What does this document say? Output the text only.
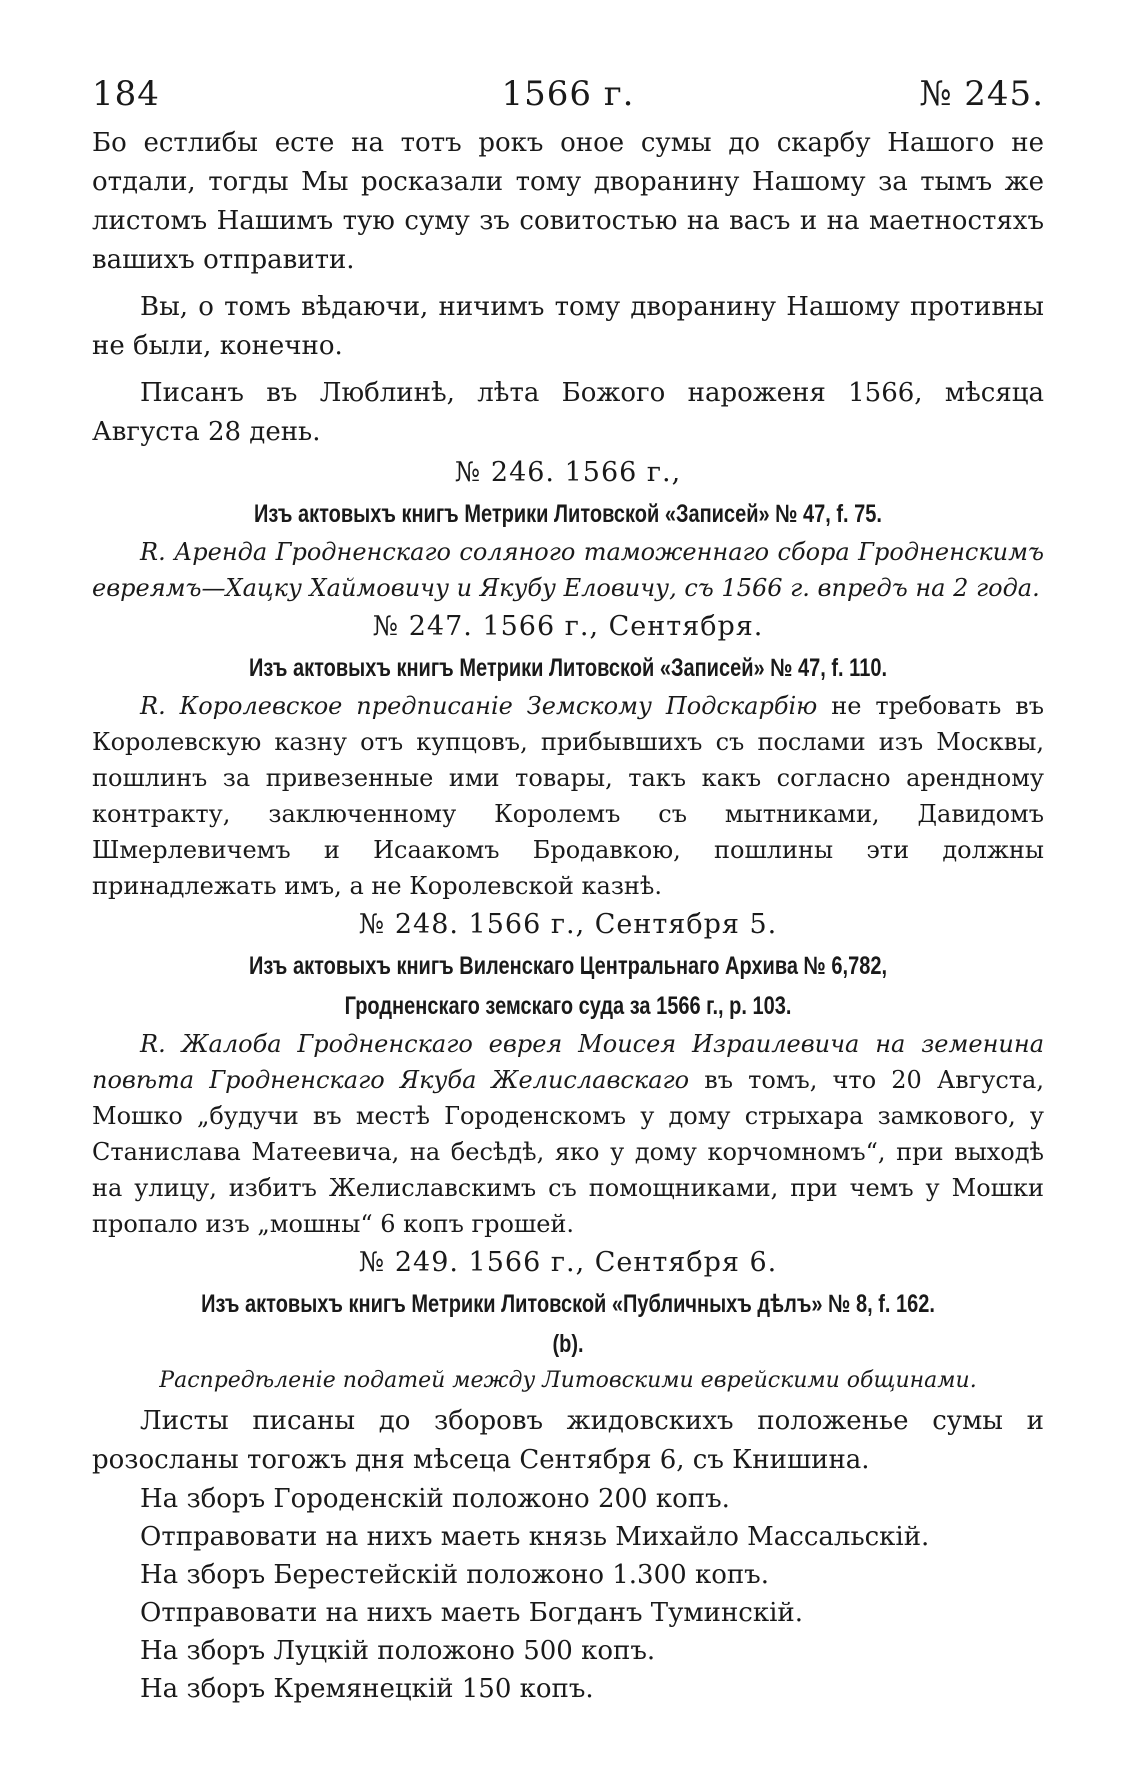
184	1566 г.	№ 245.

Бо естлибы есте на тотъ рокъ оное сумы до скарбу Нашого не отдали, тогды Мы росказали тому дворанину Нашому за тымъ же листомъ Нашимъ тую суму зъ совитостью на васъ и на маетностяхъ вашихъ отправити.

Вы, о томъ вѣдаючи, ничимъ тому дворанину Нашому противны не были, конечно.

Писанъ въ Люблинѣ, лѣта Божого нароженя 1566, мѣсяца Августа 28 день.

№ 246. 1566 г.,

Изъ актовыхъ книгъ Метрики Литовской «Записей» № 47, f. 75.

R. Аренда Гродненскаго соляного таможеннаго сбора Гродненскимъ евреямъ—Хацку Хаймовичу и Якубу Еловичу, съ 1566 г. впредъ на 2 года.

№ 247. 1566 г., Сентября.

Изъ актовыхъ книгъ Метрики Литовской «Записей» № 47, f. 110.

R. Королевское предписаніе Земскому Подскарбію не требовать въ Королевскую казну отъ купцовъ, прибывшихъ съ послами изъ Москвы, пошлинъ за привезенные ими товары, такъ какъ согласно арендному контракту, заключенному Королемъ съ мытниками, Давидомъ Шмерлевичемъ и Исаакомъ Бродавкою, пошлины эти должны принадлежать имъ, а не Королевской казнѣ.

№ 248. 1566 г., Сентября 5.

Изъ актовыхъ книгъ Виленскаго Центральнаго Архива № 6,782, Гродненскаго земскаго суда за 1566 г., р. 103.

R. Жалоба Гродненскаго еврея Моисея Израилевича на земенина повѣта Гродненскаго Якуба Желиславскаго въ томъ, что 20 Августа, Мошко „будучи въ местѣ Городенскомъ у дому стрыхара замкового, у Станислава Матеевича, на бесѣдѣ, яко у дому корчомномъ“, при выходѣ на улицу, избитъ Желиславскимъ съ помощниками, при чемъ у Мошки пропало изъ „мошны“ 6 копъ грошей.

№ 249. 1566 г., Сентября 6.

Изъ актовыхъ книгъ Метрики Литовской «Публичныхъ дѣлъ» № 8, f. 162. (b).

Распредѣленіе податей между Литовскими еврейскими общинами.

Листы писаны до зборовъ жидовскихъ положенье сумы и розосланы тогожъ дня мѣсеца Сентября 6, съ Книшина.

На зборъ Городенскій положоно 200 копъ.

Отправовати на нихъ маеть князь Михайло Массальскій.

На зборъ Берестейскій положоно 1.300 копъ.

Отправовати на нихъ маеть Богданъ Туминскій.

На зборъ Луцкій положоно 500 копъ.

На зборъ Кремянецкій 150 копъ.
